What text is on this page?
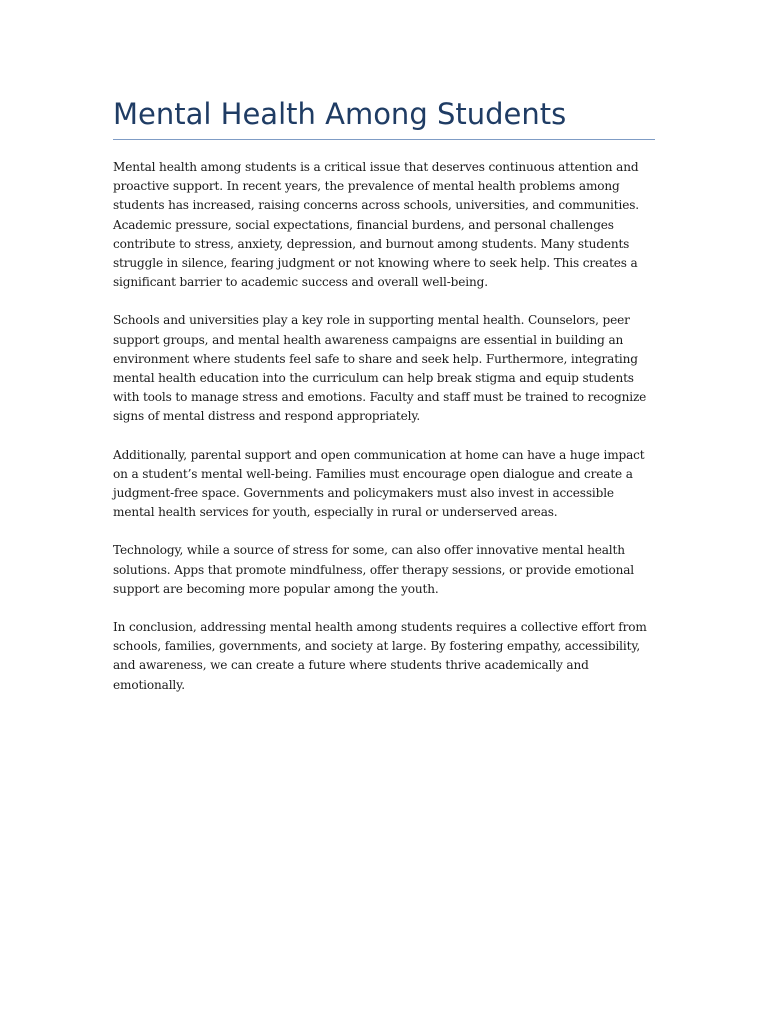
Mental Health Among Students

Mental health among students is a critical issue that deserves continuous attention and proactive support. In recent years, the prevalence of mental health problems among students has increased, raising concerns across schools, universities, and communities. Academic pressure, social expectations, financial burdens, and personal challenges contribute to stress, anxiety, depression, and burnout among students. Many students struggle in silence, fearing judgment or not knowing where to seek help. This creates a significant barrier to academic success and overall well-being.

Schools and universities play a key role in supporting mental health. Counselors, peer support groups, and mental health awareness campaigns are essential in building an environment where students feel safe to share and seek help. Furthermore, integrating mental health education into the curriculum can help break stigma and equip students with tools to manage stress and emotions. Faculty and staff must be trained to recognize signs of mental distress and respond appropriately.

Additionally, parental support and open communication at home can have a huge impact on a student’s mental well-being. Families must encourage open dialogue and create a judgment-free space. Governments and policymakers must also invest in accessible mental health services for youth, especially in rural or underserved areas.

Technology, while a source of stress for some, can also offer innovative mental health solutions. Apps that promote mindfulness, offer therapy sessions, or provide emotional support are becoming more popular among the youth.

In conclusion, addressing mental health among students requires a collective effort from schools, families, governments, and society at large. By fostering empathy, accessibility, and awareness, we can create a future where students thrive academically and emotionally.
